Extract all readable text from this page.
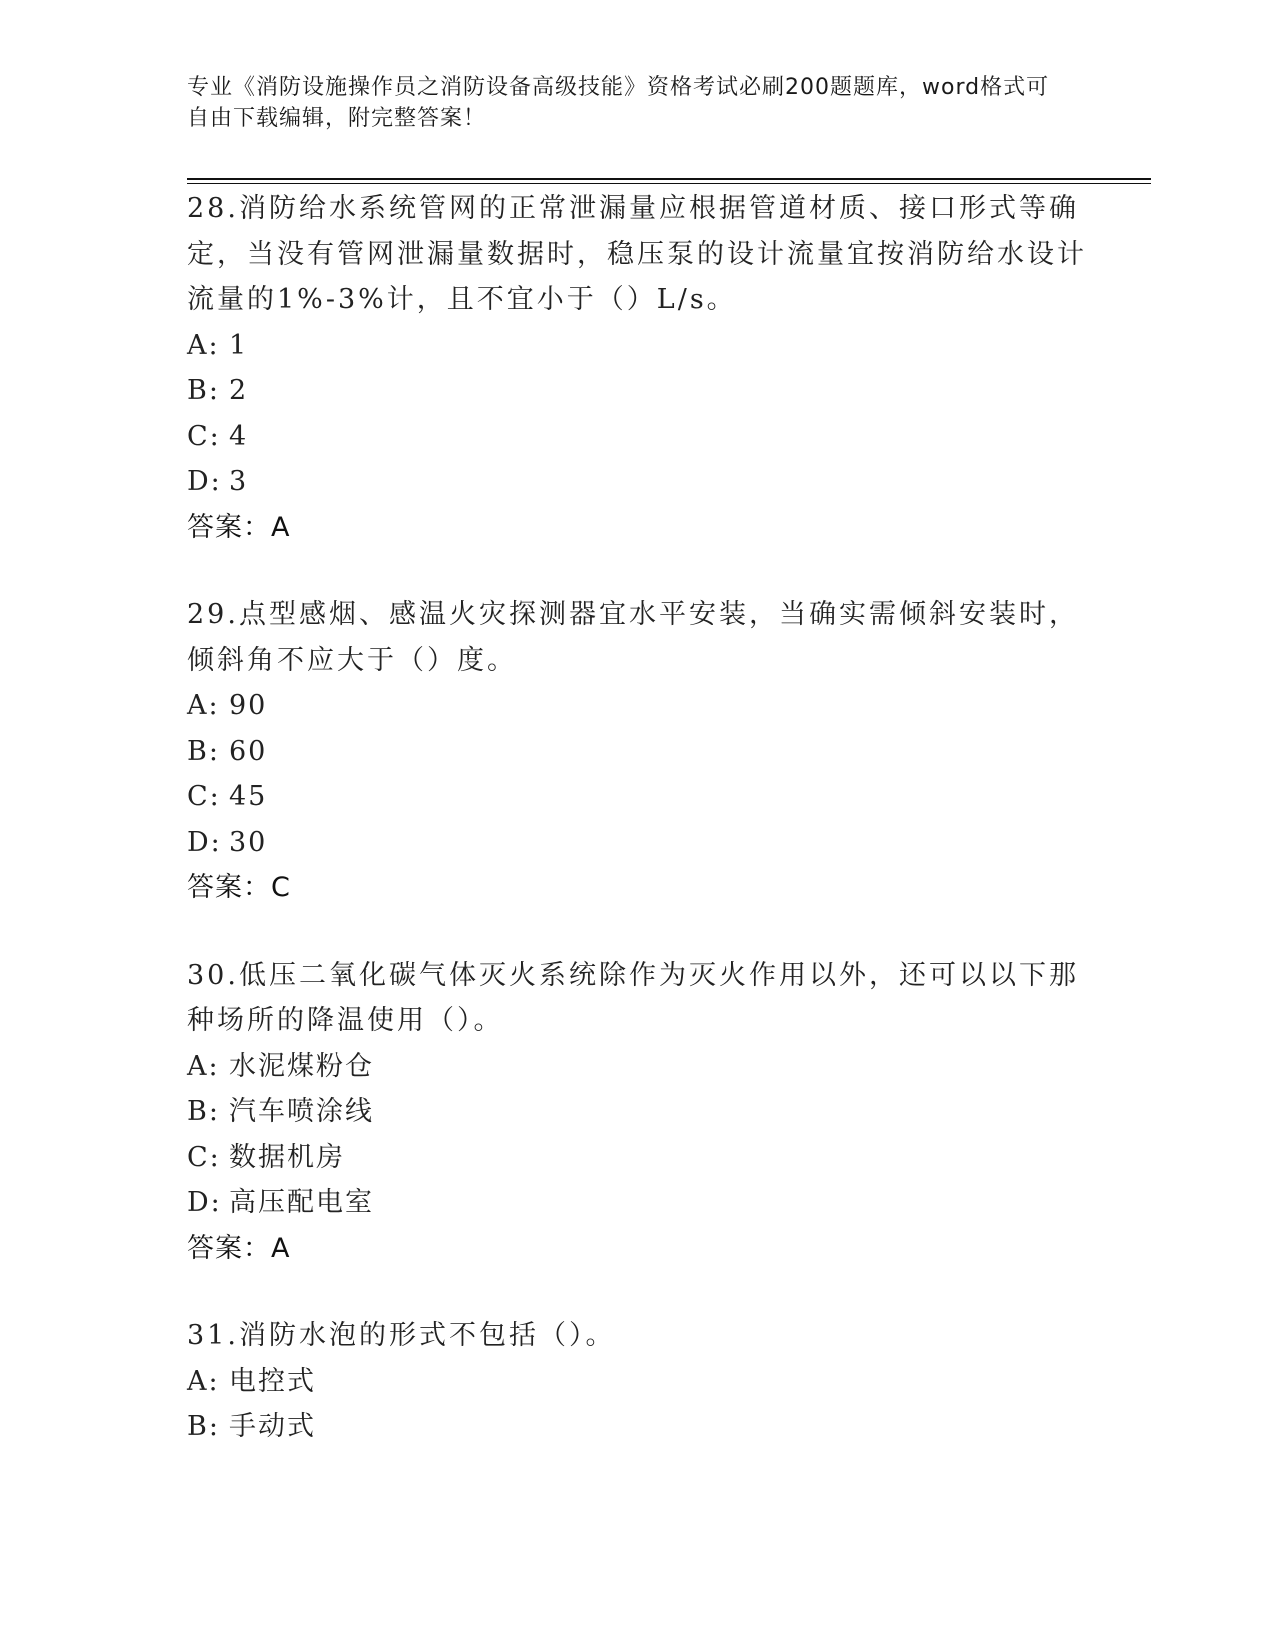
专业《消防设施操作员之消防设备高级技能》资格考试必刷200题题库，word格式可自由下载编辑，附完整答案！

28.消防给水系统管网的正常泄漏量应根据管道材质、接口形式等确定，当没有管网泄漏量数据时，稳压泵的设计流量宜按消防给水设计流量的1%-3%计，且不宜小于（）L/s。

A: 1

B: 2

C: 4

D: 3

答案：A

29.点型感烟、感温火灾探测器宜水平安装，当确实需倾斜安装时，倾斜角不应大于（）度。

A: 90

B: 60

C: 45

D: 30

答案：C

30.低压二氧化碳气体灭火系统除作为灭火作用以外，还可以以下那种场所的降温使用（）。

A: 水泥煤粉仓

B: 汽车喷涂线

C: 数据机房

D: 高压配电室

答案：A

31.消防水泡的形式不包括（）。

A: 电控式

B: 手动式
